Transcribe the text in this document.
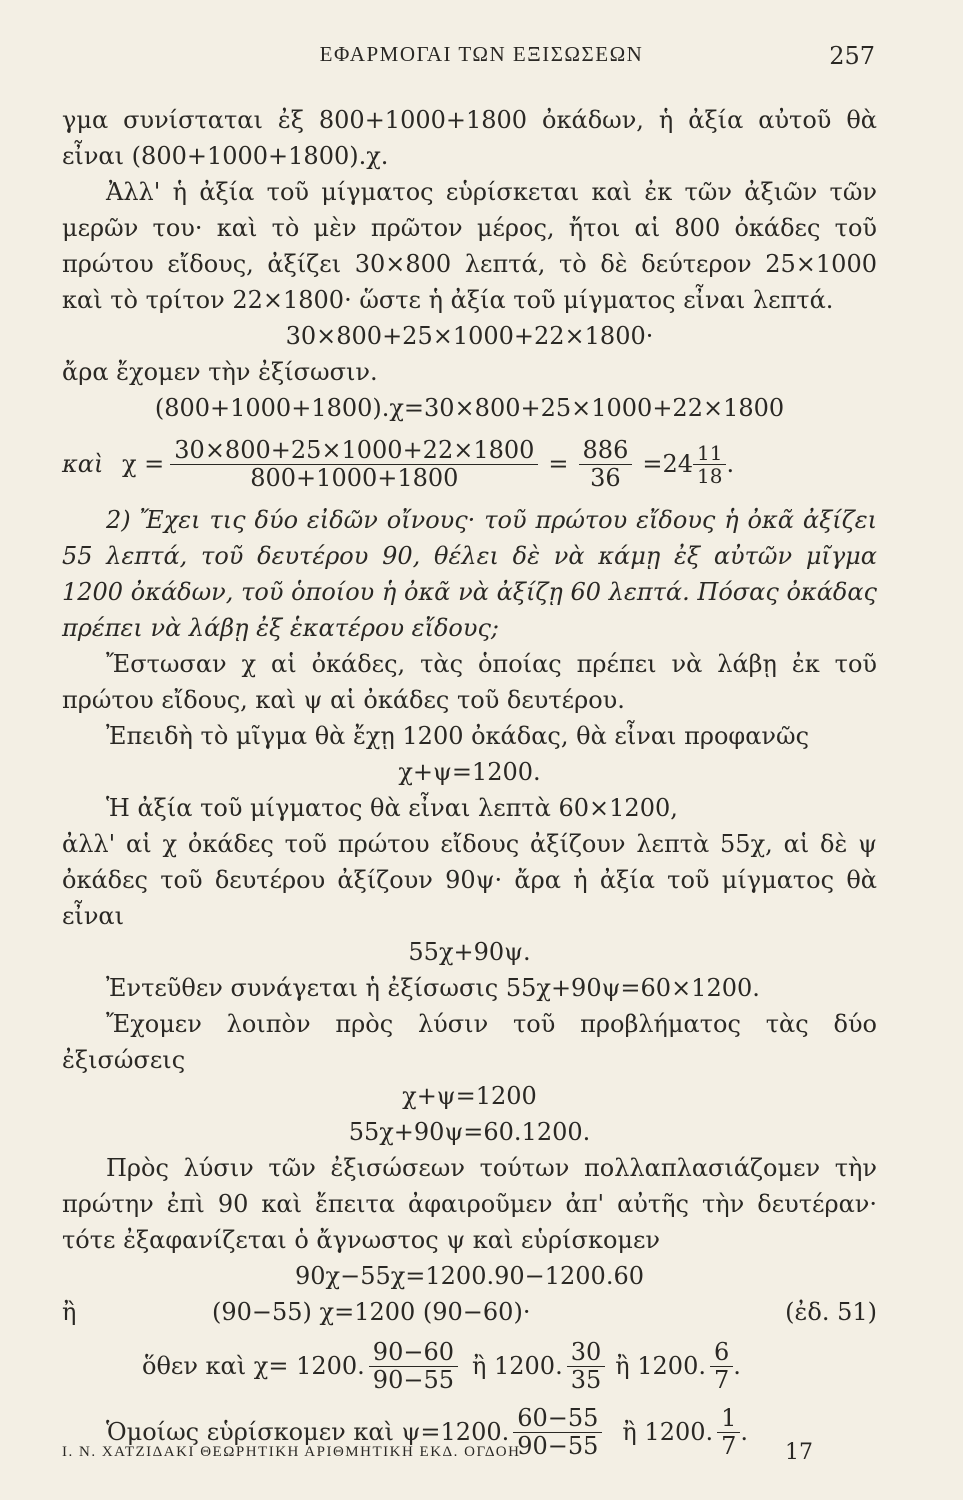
ΕΦΑΡΜΟΓΑΙ ΤΩΝ ΕΞΙΣΩΣΕΩΝ	257

γμα συνίσταται ἐξ 800+1000+1800 ὀκάδων, ἡ ἀξία αὐτοῦ θὰ εἶναι (800+1000+1800).χ.

Ἀλλ' ἡ ἀξία τοῦ μίγματος εὑρίσκεται καὶ ἐκ τῶν ἀξιῶν τῶν μερῶν του· καὶ τὸ μὲν πρῶτον μέρος, ἤτοι αἱ 800 ὀκάδες τοῦ πρώτου εἴδους, ἀξίζει 30×800 λεπτά, τὸ δὲ δεύτερον 25×1000 καὶ τὸ τρίτον 22×1800· ὥστε ἡ ἀξία τοῦ μίγματος εἶναι λεπτά.

30×800+25×1000+22×1800·

ἄρα ἔχομεν τὴν ἐξίσωσιν.

(800+1000+1800).χ=30×800+25×1000+22×1800

καὶ $\chi = \frac{30\times 800+25\times 1000+22\times 1800}{800+1000+1800} = \frac{886}{36} =24 \frac{11}{18}$ .

2) Ἔχει τις δύο εἰδῶν οἴνους· τοῦ πρώτου εἴδους ἡ ὀκᾶ ἀξίζει 55 λεπτά, τοῦ δευτέρου 90, θέλει δὲ νὰ κάμῃ ἐξ αὐτῶν μῖγμα 1200 ὀκάδων, τοῦ ὁποίου ἡ ὀκᾶ νὰ ἀξίζῃ 60 λεπτά. Πόσας ὀκάδας πρέπει νὰ λάβῃ ἐξ ἑκατέρου εἴδους;

Ἔστωσαν χ αἱ ὀκάδες, τὰς ὁποίας πρέπει νὰ λάβῃ ἐκ τοῦ πρώτου εἴδους, καὶ ψ αἱ ὀκάδες τοῦ δευτέρου.

Ἐπειδὴ τὸ μῖγμα θὰ ἔχῃ 1200 ὀκάδας, θὰ εἶναι προφανῶς

χ+ψ=1200.

Ἡ ἀξία τοῦ μίγματος θὰ εἶναι λεπτὰ 60×1200,

ἀλλ' αἱ χ ὀκάδες τοῦ πρώτου εἴδους ἀξίζουν λεπτὰ 55χ, αἱ δὲ ψ ὀκάδες τοῦ δευτέρου ἀξίζουν 90ψ· ἄρα ἡ ἀξία τοῦ μίγματος θὰ εἶναι

55χ+90ψ.

Ἐντεῦθεν συνάγεται ἡ ἐξίσωσις 55χ+90ψ=60×1200.

Ἔχομεν λοιπὸν πρὸς λύσιν τοῦ προβλήματος τὰς δύο ἐξισώσεις

χ+ψ=1200

55χ+90ψ=60.1200.

Πρὸς λύσιν τῶν ἐξισώσεων τούτων πολλαπλασιάζομεν τὴν πρώτην ἐπὶ 90 καὶ ἔπειτα ἀφαιροῦμεν ἀπ' αὐτῆς τὴν δευτέραν· τότε ἐξαφανίζεται ὁ ἄγνωστος ψ καὶ εὑρίσκομεν

90χ−55χ=1200.90−1200.60

ἢ	(90−55) χ=1200 (90−60)·	(ἐδ. 51)
ὅθεν καὶ χ= 1200. $\frac{90-60}{90-55}$ ἢ 1200. $\frac{30}{35}$ ἢ 1200. $\frac{6}{7}$ .
Ὁμοίως εὑρίσκομεν καὶ ψ=1200. $\frac{60-55}{90-55}$ ἢ 1200. $\frac{1}{7}$ .
Ι. Ν. ΧΑΤΖΙΔΑΚΙ ΘΕΩΡΗΤΙΚΗ ΑΡΙΘΜΗΤΙΚΗ ΕΚΔ. ΟΓΔΟΗ	17
